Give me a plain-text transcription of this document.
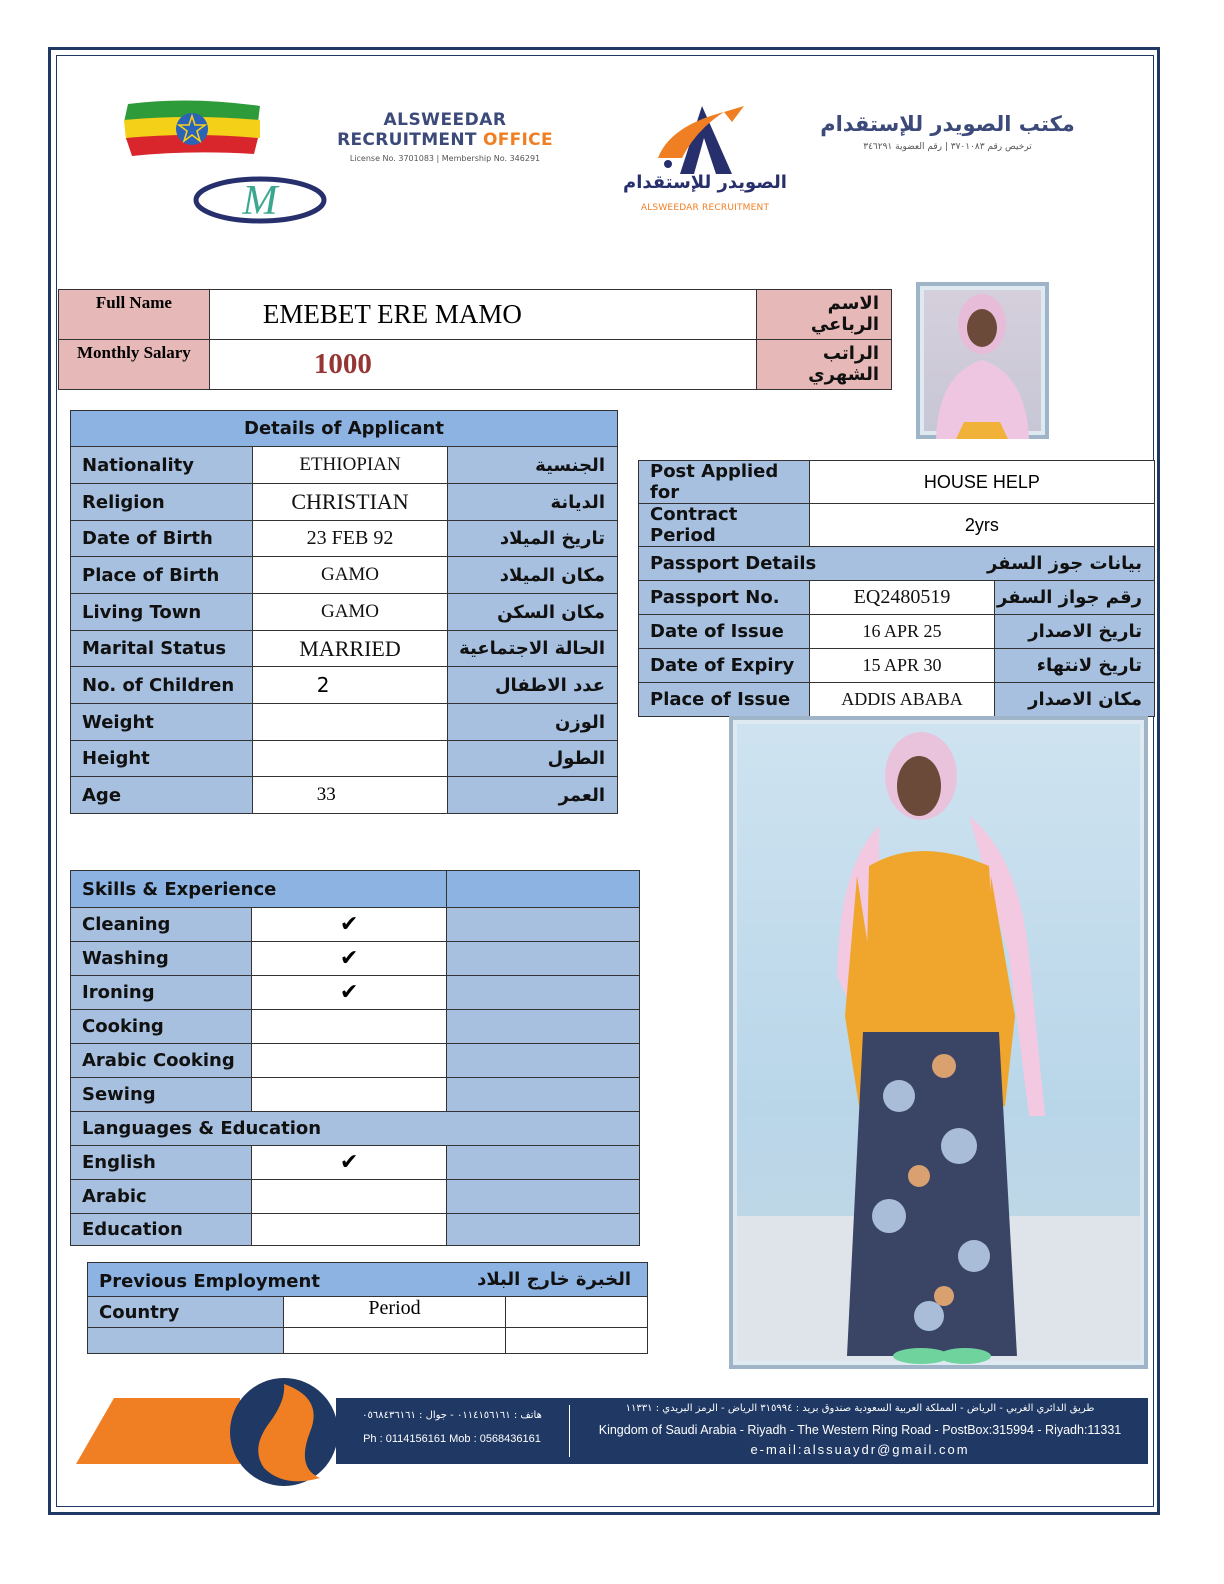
M
ALSWEEDAR
RECRUITMENT OFFICE
License No. 3701083 | Membership No. 346291
الصويدر للإستقدام
ALSWEEDAR RECRUITMENT
مكتب الصويدر للإستقدام
ترخيص رقم ٣٧٠١٠٨٣ | رقم العضوية ٣٤٦٢٩١
Full Name	EMEBET ERE MAMO	الاسم الرباعي
Monthly Salary	1000	الراتب الشهري
Details of Applicant		
Nationality	ETHIOPIAN	الجنسية
Religion	CHRISTIAN	الديانة
Date of Birth	23 FEB 92	تاريخ الميلاد
Place of Birth	GAMO	مكان الميلاد
Living Town	GAMO	مكان السكن
Marital Status	MARRIED	الحالة الاجتماعية
No. of Children	2	عدد الاطفال
Weight		الوزن
Height		الطول
Age	33	العمر
Post Applied for	HOUSE HELP	
Contract Period	2yrs	

Passport Details بيانات جوز السفر		

Passport No.	EQ2480519	رقم جواز السفر
Date of Issue	16 APR 25	تاريخ الاصدار
Date of Expiry	15 APR 30	تاريخ لانتهاء
Place of Issue	ADDIS ABABA	مكان الاصدار
Skills & Experience		
Cleaning	✔	
Washing	✔	
Ironing	✔	
Cooking		
Arabic Cooking		
Sewing		
Languages & Education		
English	✔	
Arabic		
Education		
Previous Employment الخبرة خارج البلاد		

Country	Period	

هاتف : ٠١١٤١٥٦١٦١ - جوال : ٠٥٦٨٤٣٦١٦١
Ph : 0114156161 Mob : 0568436161
طريق الدائري الغربي - الرياض - المملكة العربية السعودية صندوق بريد : ٣١٥٩٩٤ الرياض - الرمز البريدي : ١١٣٣١
Kingdom of Saudi Arabia - Riyadh - The Western Ring Road - PostBox:315994 - Riyadh:11331
e-mail:alssuaydr@gmail.com
